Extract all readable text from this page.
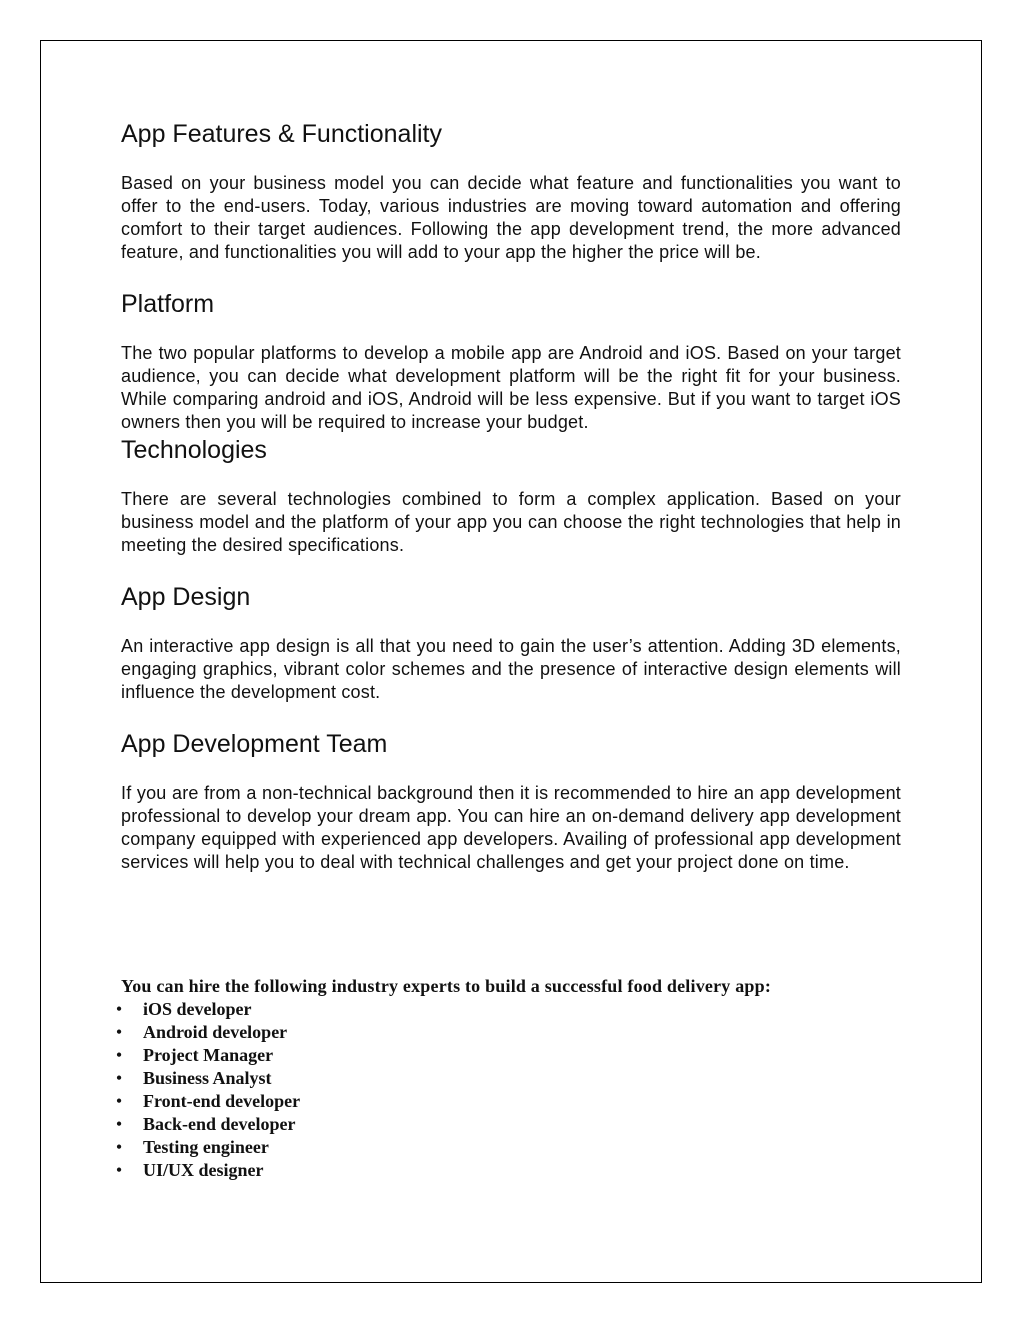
App Features & Functionality

Based on your business model you can decide what feature and functionalities you want to offer to the end-users. Today, various industries are moving toward automation and offering comfort to their target audiences. Following the app development trend, the more advanced feature, and functionalities you will add to your app the higher the price will be.

Platform

The two popular platforms to develop a mobile app are Android and iOS. Based on your target audience, you can decide what development platform will be the right fit for your business. While comparing android and iOS, Android will be less expensive. But if you want to target iOS owners then you will be required to increase your budget.

Technologies

There are several technologies combined to form a complex application. Based on your business model and the platform of your app you can choose the right technologies that help in meeting the desired specifications.

App Design

An interactive app design is all that you need to gain the user’s attention. Adding 3D elements, engaging graphics, vibrant color schemes and the presence of interactive design elements will influence the development cost.

App Development Team

If you are from a non-technical background then it is recommended to hire an app development professional to develop your dream app. You can hire an on-demand delivery app development company equipped with experienced app developers. Availing of professional app development services will help you to deal with technical challenges and get your project done on time.

You can hire the following industry experts to build a successful food delivery app:

• iOS developer
• Android developer
• Project Manager
• Business Analyst
• Front-end developer
• Back-end developer
• Testing engineer
• UI/UX designer
